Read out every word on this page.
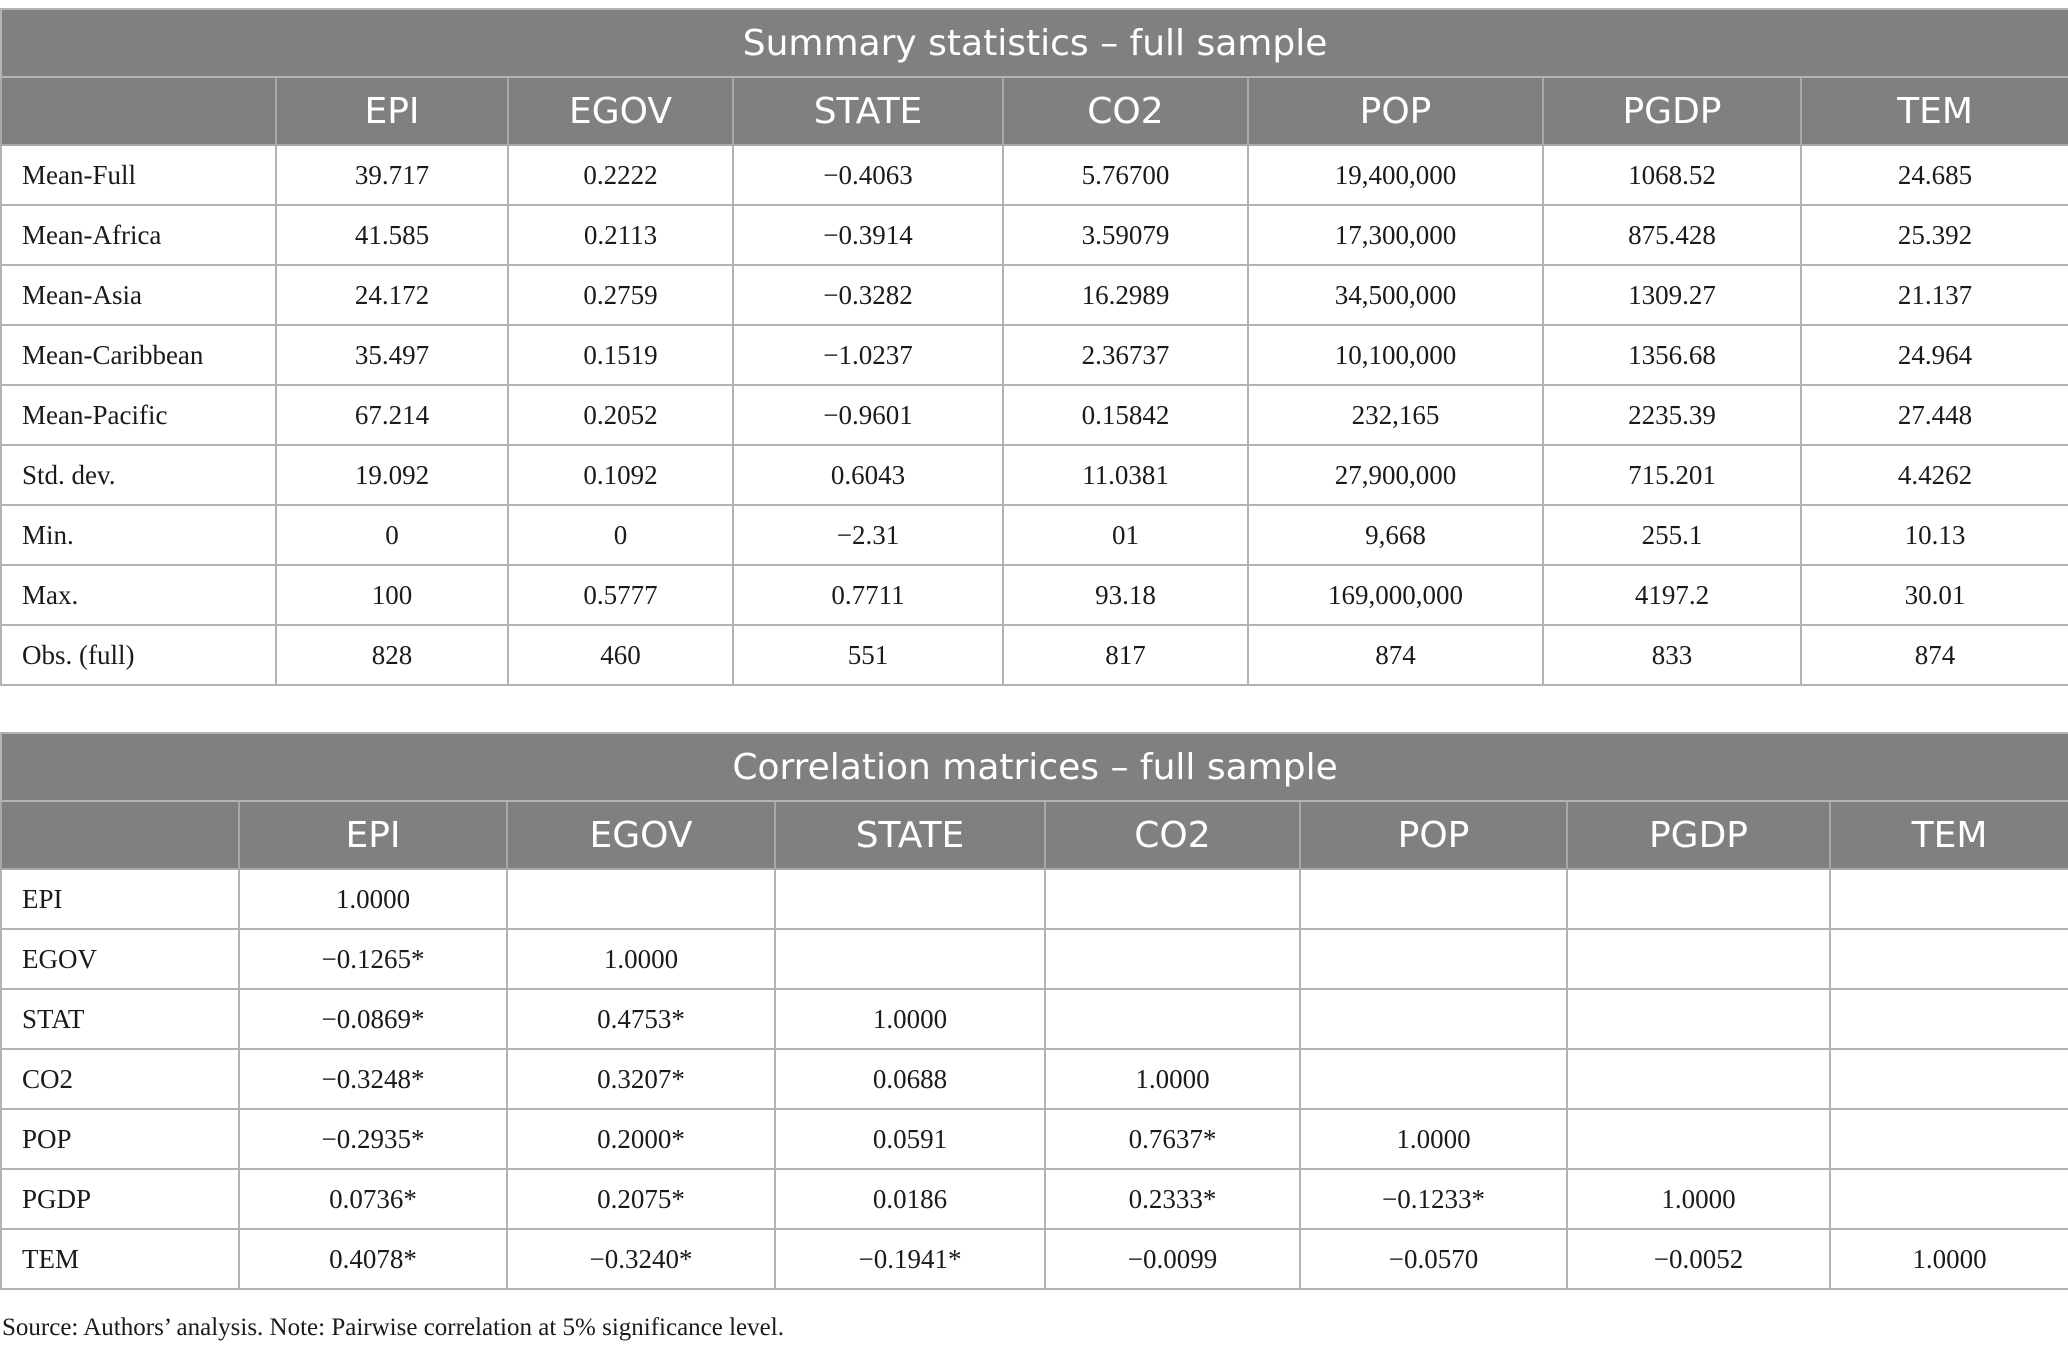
Summary statistics – full sample							
	EPI	EGOV	STATE	CO2	POP	PGDP	TEM
Mean-Full	39.717	0.2222	−0.4063	5.76700	19,400,000	1068.52	24.685
Mean-Africa	41.585	0.2113	−0.3914	3.59079	17,300,000	875.428	25.392
Mean-Asia	24.172	0.2759	−0.3282	16.2989	34,500,000	1309.27	21.137
Mean-Caribbean	35.497	0.1519	−1.0237	2.36737	10,100,000	1356.68	24.964
Mean-Pacific	67.214	0.2052	−0.9601	0.15842	232,165	2235.39	27.448
Std. dev.	19.092	0.1092	0.6043	11.0381	27,900,000	715.201	4.4262
Min.	0	0	−2.31	01	9,668	255.1	10.13
Max.	100	0.5777	0.7711	93.18	169,000,000	4197.2	30.01
Obs. (full)	828	460	551	817	874	833	874
Correlation matrices – full sample							
	EPI	EGOV	STATE	CO2	POP	PGDP	TEM
EPI	1.0000						
EGOV	−0.1265*	1.0000					
STAT	−0.0869*	0.4753*	1.0000				
CO2	−0.3248*	0.3207*	0.0688	1.0000			
POP	−0.2935*	0.2000*	0.0591	0.7637*	1.0000		
PGDP	0.0736*	0.2075*	0.0186	0.2333*	−0.1233*	1.0000	
TEM	0.4078*	−0.3240*	−0.1941*	−0.0099	−0.0570	−0.0052	1.0000
Source: Authors’ analysis. Note: Pairwise correlation at 5% significance level.
